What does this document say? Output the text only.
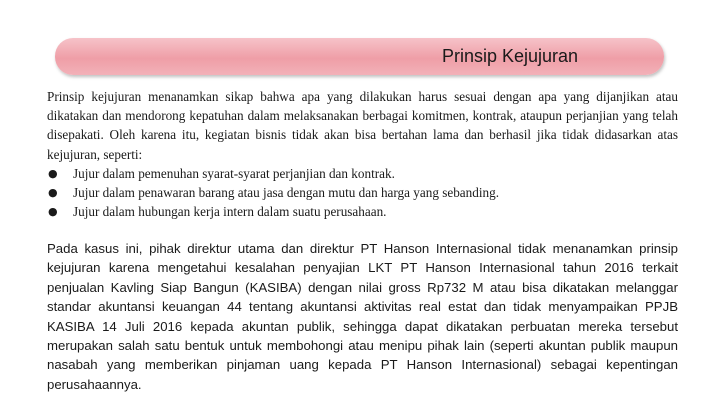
Prinsip Kejujuran

Prinsip kejujuran menanamkan sikap bahwa apa yang dilakukan harus sesuai dengan apa yang dijanjikan atau dikatakan dan mendorong kepatuhan dalam melaksanakan berbagai komitmen, kontrak, ataupun perjanjian yang telah disepakati. Oleh karena itu, kegiatan bisnis tidak akan bisa bertahan lama dan berhasil jika tidak didasarkan atas kejujuran, seperti:

● Jujur dalam pemenuhan syarat-syarat perjanjian dan kontrak.
● Jujur dalam penawaran barang atau jasa dengan mutu dan harga yang sebanding.
● Jujur dalam hubungan kerja intern dalam suatu perusahaan.

Pada kasus ini, pihak direktur utama dan direktur PT Hanson Internasional tidak menanamkan prinsip kejujuran karena mengetahui kesalahan penyajian LKT PT Hanson Internasional tahun 2016 terkait penjualan Kavling Siap Bangun (KASIBA) dengan nilai gross Rp732 M atau bisa dikatakan melanggar standar akuntansi keuangan 44 tentang akuntansi aktivitas real estat dan tidak menyampaikan PPJB KASIBA 14 Juli 2016 kepada akuntan publik, sehingga dapat dikatakan perbuatan mereka tersebut merupakan salah satu bentuk untuk membohongi atau menipu pihak lain (seperti akuntan publik maupun nasabah yang memberikan pinjaman uang kepada PT Hanson Internasional) sebagai kepentingan perusahaannya.
